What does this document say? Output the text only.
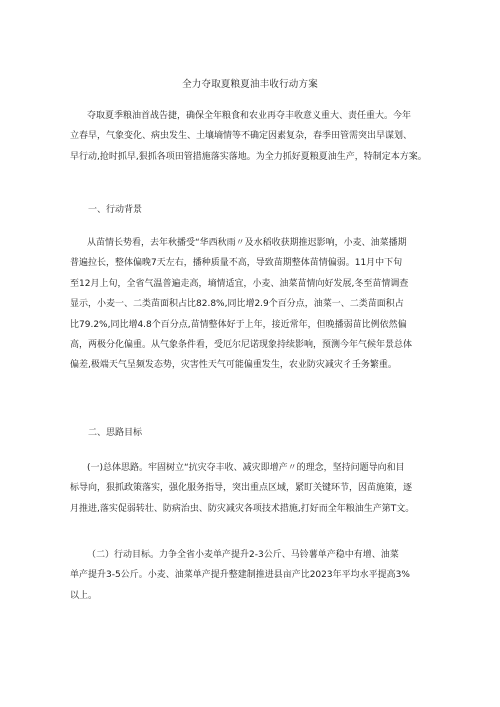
全力夺取夏粮夏油丰收行动方案

夺取夏季粮油首战告捷，确保全年粮食和农业再夺丰收意义重大、责任重大。今年
立春早，气象变化、病虫发生、土壤墒情等不确定因素复杂，春季田管需突出早谋划、
早行动,抢时抓早,狠抓各项田管措施落实落地。为全力抓好夏粮夏油生产，特制定本方案。

一、行动背景

从苗情长势看，去年秋播受“华西秋雨〃及水稻收获期推迟影响，小麦、油菜播期
普遍拉长，整体偏晚7天左右，播种质量不高，导致苗期整体苗情偏弱。11月中下旬
至12月上旬，全省气温普遍走高，墒情适宜，小麦、油菜苗情向好发展,冬至苗情调查
显示，小麦一、二类苗面积占比82.8%,同比增2.9个百分点，油菜一、二类苗面积占
比79.2%,同比增4.8个百分点,苗情整体好于上年，接近常年，但晚播弱苗比例依然偏
高，两极分化偏重。从气象条件看，受厄尔尼诺现象持续影响，预测今年气候年景总体
偏差,极端天气呈频发态势，灾害性天气可能偏重发生，农业防灾减灾彳壬务繁重。

二、思路目标

(一)总体思路。牢固树立“抗灾夺丰收、减灾即增产〃的理念，坚持问题导向和目
标导向，狠抓政策落实，强化服务指导，突出重点区域，紧盯关键环节，因苗施策，逐
月推进,落实促弱转壮、防病治虫、防灾减灾各项技术措施,打好而全年粮油生产第T文。

（二）行动目标。力争全省小麦单产提升2-3公斤、马铃薯单产稳中有增、油菜
单产提升3-5公斤。小麦、油菜单产提升整建制推进县亩产比2023年平均水平提高3%
以上。
